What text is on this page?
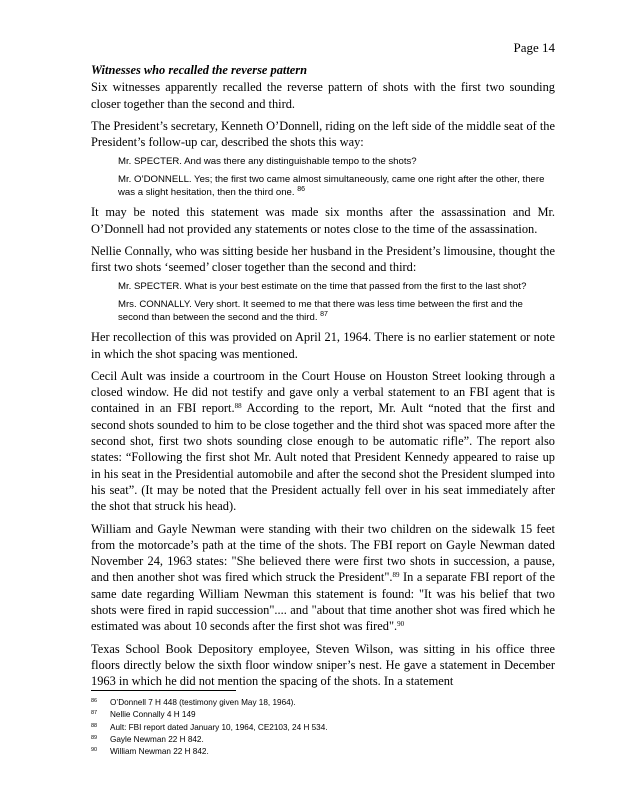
Page 14

Witnesses who recalled the reverse pattern

Six witnesses apparently recalled the reverse pattern of shots with the first two sounding closer together than the second and third.

The President’s secretary, Kenneth O’Donnell, riding on the left side of the middle seat of the President’s follow-up car, described the shots this way:

Mr. SPECTER. And was there any distinguishable tempo to the shots?

Mr. O’DONNELL. Yes; the first two came almost simultaneously, came one right after the other, there was a slight hesitation, then the third one. $^{86}$

It may be noted this statement was made six months after the assassination and Mr. O’Donnell had not provided any statements or notes close to the time of the assassination.

Nellie Connally, who was sitting beside her husband in the President’s limousine, thought the first two shots ‘seemed’ closer together than the second and third:

Mr. SPECTER. What is your best estimate on the time that passed from the first to the last shot?

Mrs. CONNALLY. Very short. It seemed to me that there was less time between the first and the second than between the second and the third. $^{87}$

Her recollection of this was provided on April 21, 1964. There is no earlier statement or note in which the shot spacing was mentioned.

Cecil Ault was inside a courtroom in the Court House on Houston Street looking through a closed window. He did not testify and gave only a verbal statement to an FBI agent that is contained in an FBI report.$^{88}$ According to the report, Mr. Ault “noted that the first and second shots sounded to him to be close together and the third shot was spaced more after the second shot, first two shots sounding close enough to be automatic rifle”. The report also states: “Following the first shot Mr. Ault noted that President Kennedy appeared to raise up in his seat in the Presidential automobile and after the second shot the President slumped into his seat”. (It may be noted that the President actually fell over in his seat immediately after the shot that struck his head).

William and Gayle Newman were standing with their two children on the sidewalk 15 feet from the motorcade’s path at the time of the shots. The FBI report on Gayle Newman dated November 24, 1963 states: "She believed there were first two shots in succession, a pause, and then another shot was fired which struck the President".$^{89}$ In a separate FBI report of the same date regarding William Newman this statement is found: "It was his belief that two shots were fired in rapid succession".... and "about that time another shot was fired which he estimated was about 10 seconds after the first shot was fired".$^{90}$

Texas School Book Depository employee, Steven Wilson, was sitting in his office three floors directly below the sixth floor window sniper’s nest. He gave a statement in December 1963 in which he did not mention the spacing of the shots. In a statement

86	O’Donnell 7 H 448 (testimony given May 18, 1964).
87	Nellie Connally 4 H 149
88	Ault: FBI report dated January 10, 1964, CE2103, 24 H 534.
89	Gayle Newman 22 H 842.
90	William Newman 22 H 842.
